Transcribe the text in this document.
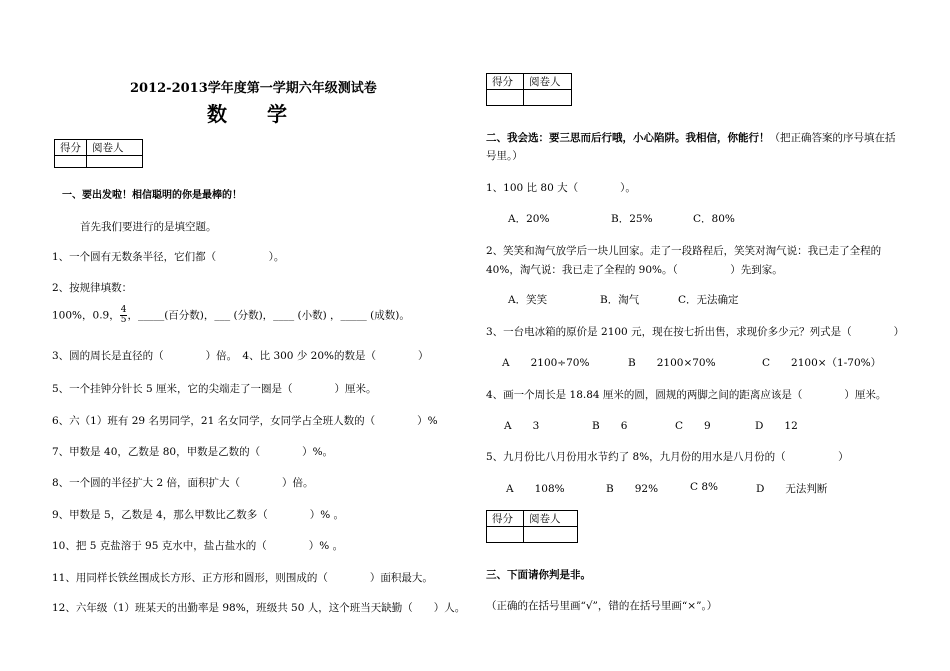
2012-2013学年度第一学期六年级测试卷
数　　学
得分	阅卷人

一、要出发啦！相信聪明的你是最棒的！
首先我们要进行的是填空题。
1、一个圆有无数条半径，它们都（　　　　　）。
2、按规律填数：
100%，0.9， $\frac{4}{5}$ ，_____(百分数)，___ (分数)，____ (小数) ，_____ (成数)。
3、圆的周长是直径的（　　　　）倍。　4、比 300 少 20%的数是（　　　　）
5、一个挂钟分针长 5 厘米，它的尖端走了一圈是（　　　　）厘米。
6、六（1）班有 29 名男同学，21 名女同学，女同学占全班人数的（　　　　）%
7、甲数是 40，乙数是 80，甲数是乙数的（　　　　）%。
8、一个圆的半径扩大 2 倍，面积扩大（　　　　）倍。
9、甲数是 5，乙数是 4，那么甲数比乙数多（　　　　）% 。
10、把 5 克盐溶于 95 克水中，盐占盐水的（　　　　）% 。
11、用同样长铁丝围成长方形、正方形和圆形，则围成的（　　　　）面积最大。
12、六年级（1）班某天的出勤率是 98%，班级共 50 人，这个班当天缺勤（　　）人。
得分	阅卷人

二、我会选：要三思而后行哦，小心陷阱。我相信，你能行！（把正确答案的序号填在括
号里。）
1、100 比 80 大（　　　　）。
A．20%	B．25%	C．80%
2、笑笑和淘气放学后一块儿回家。走了一段路程后，笑笑对淘气说：我已走了全程的
40%，淘气说：我已走了全程的 90%。（　　　　　）先到家。
A．笑笑	B．淘气	C．无法确定
3、一台电冰箱的原价是 2100 元，现在按七折出售，求现价多少元？列式是（　　　　）
A　　2100÷70%	B　　2100×70%	C　　2100×（1-70%）
4、画一个周长是 18.84 厘米的圆，圆规的两脚之间的距离应该是（　　　　）厘米。
A　　3	B　　6	C　　9	D　　12
5、九月份比八月份用水节约了 8%，九月份的用水是八月份的（　　　　　）
A　　108%	B　　92%	C 8%	D　　无法判断
得分	阅卷人

三、下面请你判是非。
（正确的在括号里画“√”，错的在括号里画“×”。）
